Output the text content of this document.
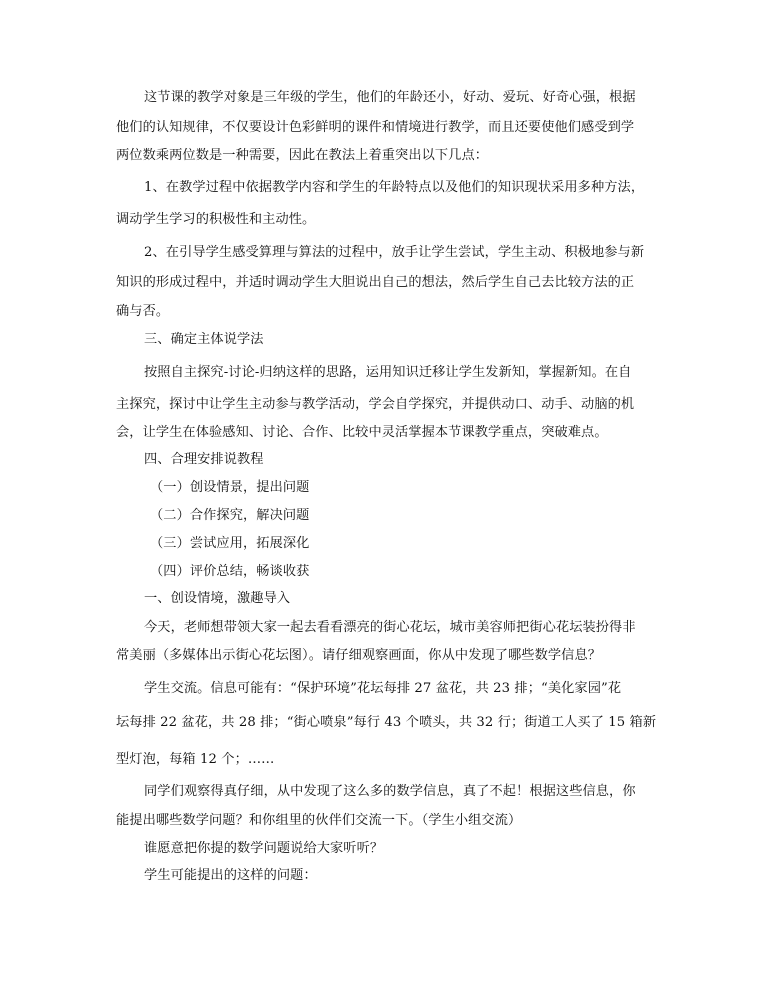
这节课的教学对象是三年级的学生，他们的年龄还小，好动、爱玩、好奇心强，根据
他们的认知规律，不仅要设计色彩鲜明的课件和情境进行教学，而且还要使他们感受到学
两位数乘两位数是一种需要，因此在教法上着重突出以下几点：
1、在教学过程中依据教学内容和学生的年龄特点以及他们的知识现状采用多种方法，
调动学生学习的积极性和主动性。
2、在引导学生感受算理与算法的过程中，放手让学生尝试，学生主动、积极地参与新
知识的形成过程中，并适时调动学生大胆说出自己的想法，然后学生自己去比较方法的正
确与否。
三、确定主体说学法
按照自主探究-讨论-归纳这样的思路，运用知识迁移让学生发新知，掌握新知。在自
主探究，探讨中让学生主动参与教学活动，学会自学探究，并提供动口、动手、动脑的机
会，让学生在体验感知、讨论、合作、比较中灵活掌握本节课教学重点，突破难点。
四、合理安排说教程
（一）创设情景，提出问题
（二）合作探究，解决问题
（三）尝试应用，拓展深化
（四）评价总结，畅谈收获
一、创设情境，激趣导入
今天，老师想带领大家一起去看看漂亮的街心花坛，城市美容师把街心花坛装扮得非
常美丽（多媒体出示街心花坛图）。请仔细观察画面，你从中发现了哪些数学信息？
学生交流。信息可能有：“保护环境”花坛每排 27 盆花，共 23 排；“美化家园”花
坛每排 22 盆花，共 28 排；“街心喷泉”每行 43 个喷头，共 32 行；街道工人买了 15 箱新
型灯泡，每箱 12 个；……
同学们观察得真仔细，从中发现了这么多的数学信息，真了不起！根据这些信息，你
能提出哪些数学问题？和你组里的伙伴们交流一下。（学生小组交流）
谁愿意把你提的数学问题说给大家听听？
学生可能提出的这样的问题：
